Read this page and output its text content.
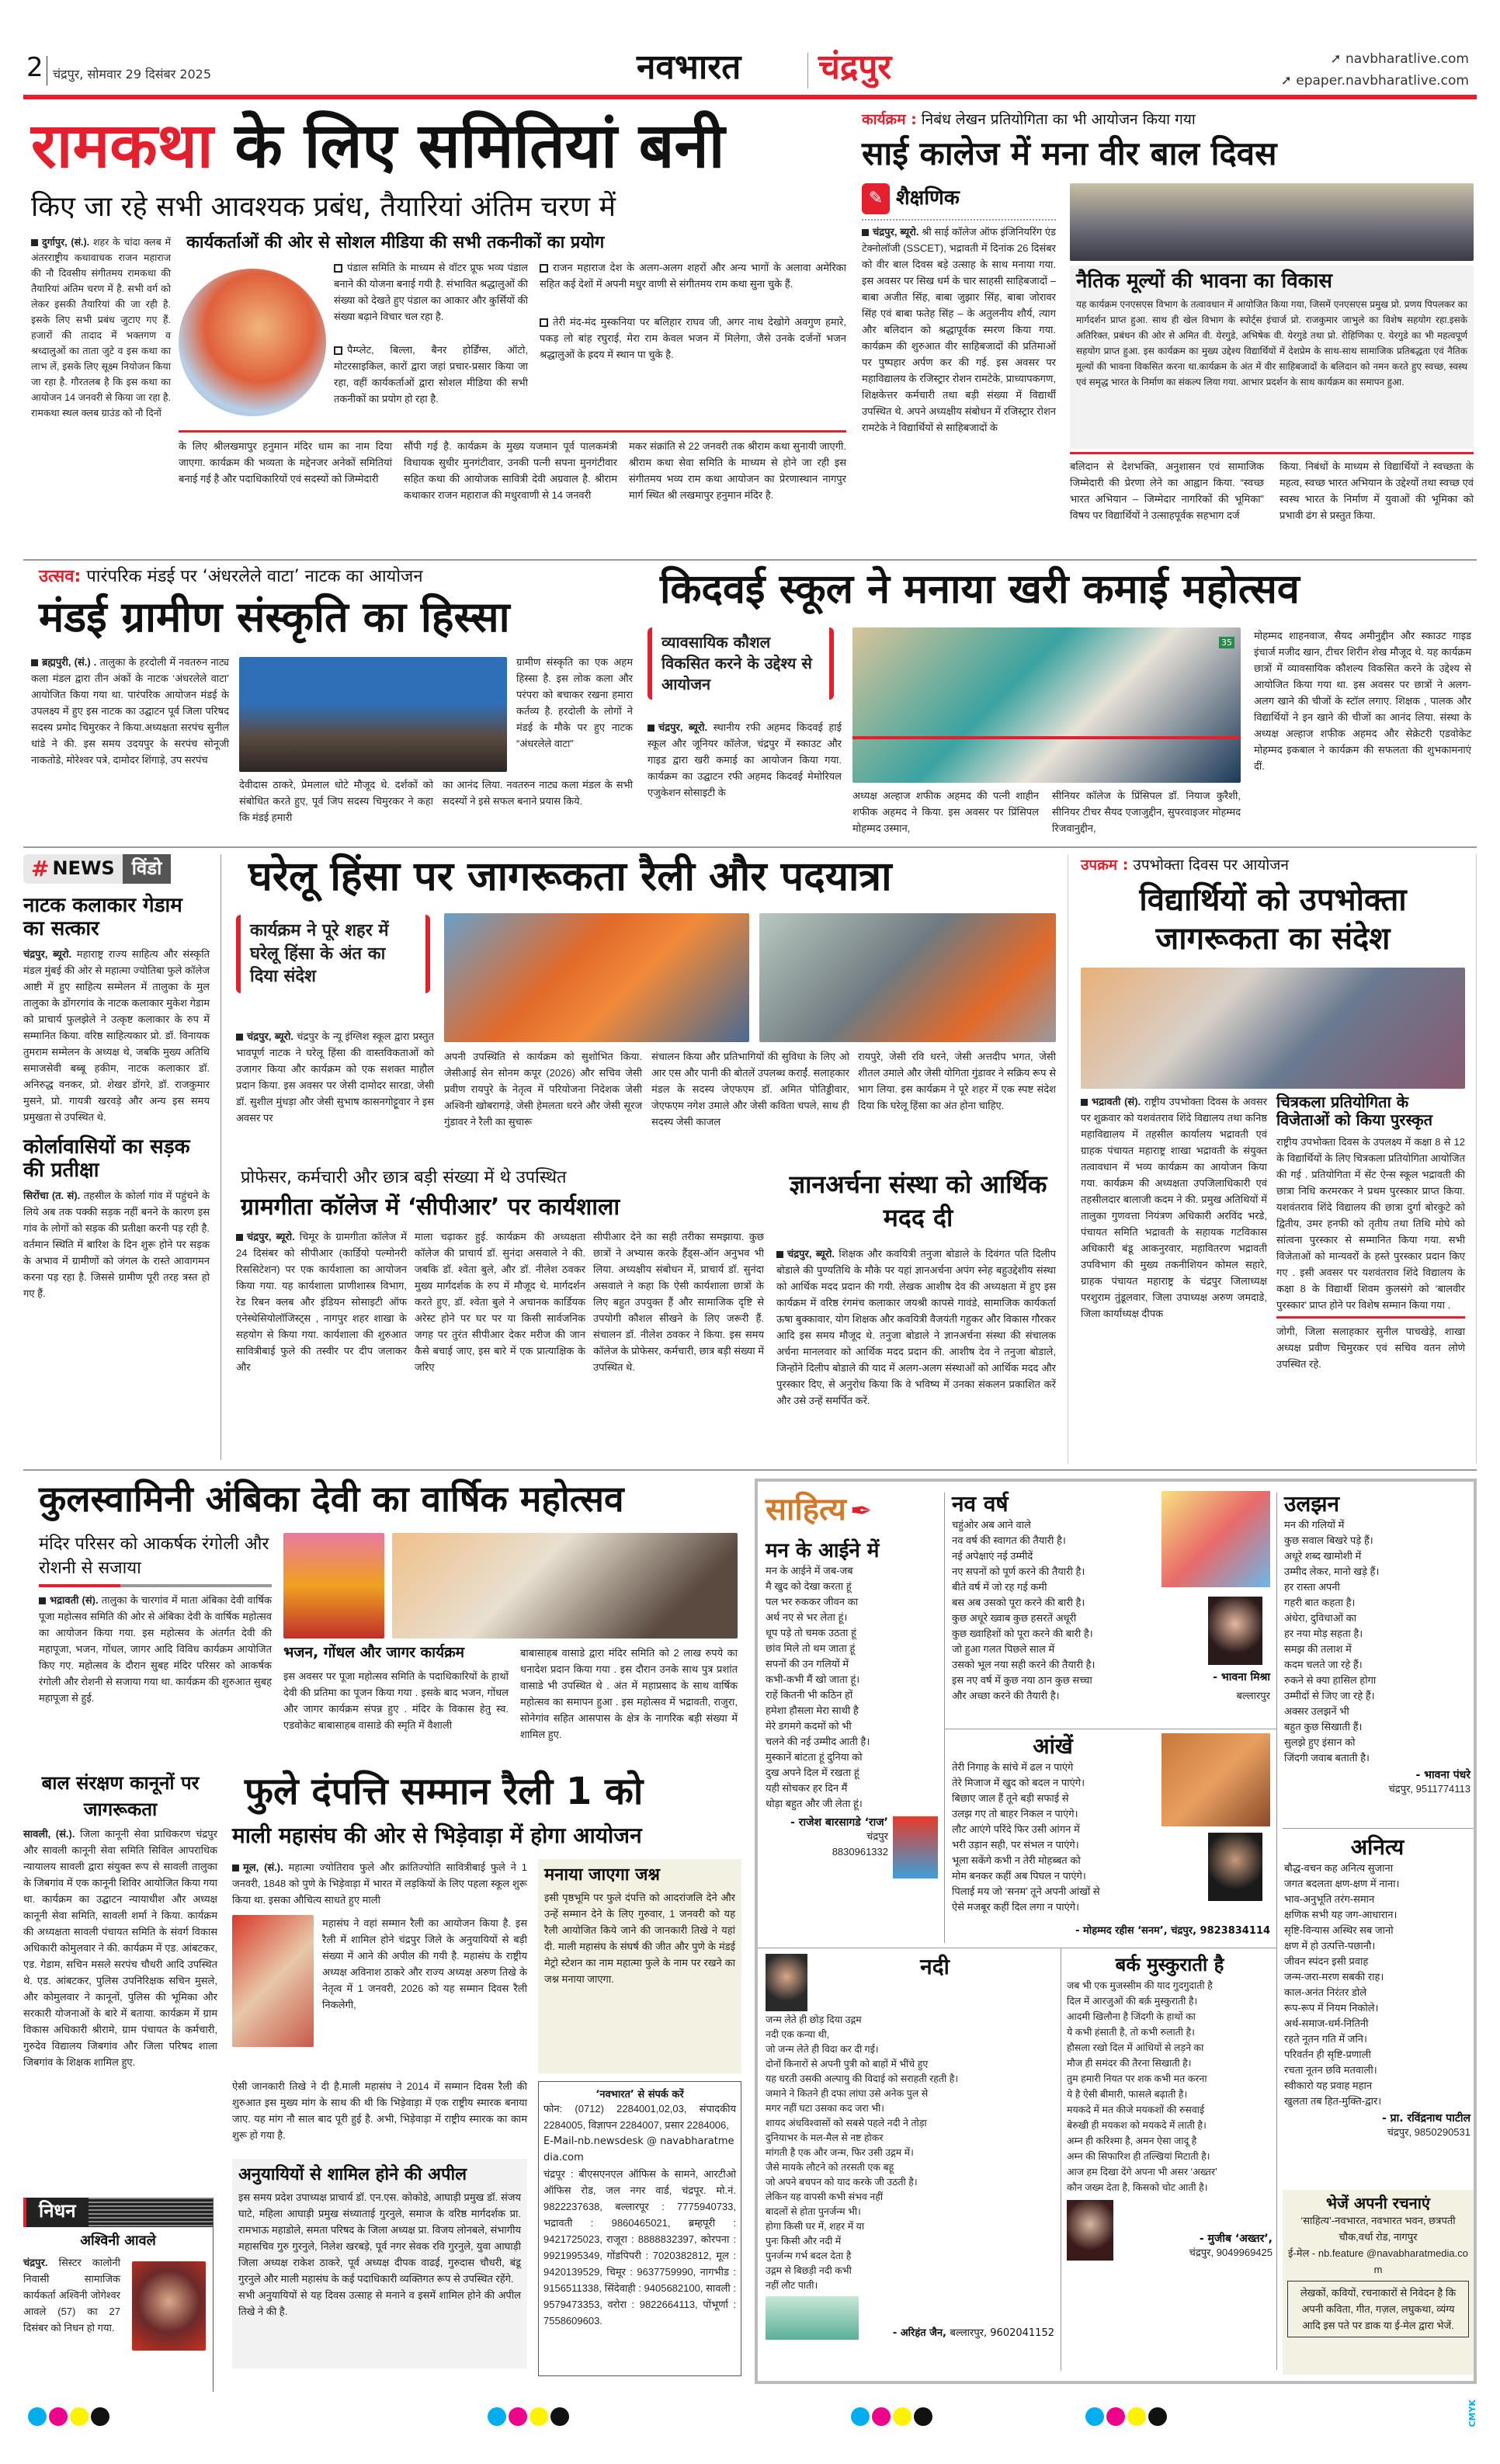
2 चंद्रपुर, सोमवार 29 दिसंबर 2025	नवभारत चंद्रपुर	➚ navbharatlive.com
➚ epaper.navbharatlive.com
रामकथा के लिए समितियां बनी
किए जा रहे सभी आवश्यक प्रबंध, तैयारियां अंतिम चरण में
दुर्गापुर, (सं.). शहर के चांदा क्लब में अंतरराष्ट्रीय कथावाचक राजन महाराज की नौ दिवसीय संगीतमय रामकथा की तैयारियां अंतिम चरण में है. सभी वर्ग को लेकर इसकी तैयारियां की जा रही है. इसके लिए सभी प्रबंध जुटाए गए हैं. हजारों की तादाद में भक्तगण व श्रध्दालुओं का ताता जुटे व इस कथा का लाभ लें, इसके लिए सूक्ष्म नियोजन किया जा रहा है. गौरतलब है कि इस कथा का आयोजन 14 जनवरी से किया जा रहा है. रामकथा स्थल क्लब ग्राउंड को नौ दिनों
कार्यकर्ताओं की ओर से सोशल मीडिया की सभी तकनीकों का प्रयोग
पंडाल समिति के माध्यम से वॉटर प्रूफ भव्य पंडाल बनाने की योजना बनाई गयी है. संभावित श्रद्धालुओं की संख्या को देखते हुए पंडाल का आकार और कुर्सियों की संख्या बढ़ाने विचार चल रहा है.
पैम्प्लेट, बिल्ला, बैनर होर्डिंग्स, ऑटो, मोटरसाइकिल, कारों द्वारा जहां प्रचार-प्रसार किया जा रहा, वहीं कार्यकर्ताओं द्वारा सोशल मीडिया की सभी तकनीकों का प्रयोग हो रहा है.
राजन महाराज देश के अलग-अलग शहरों और अन्य भागों के अलावा अमेरिका सहित कई देशों में अपनी मधुर वाणी से संगीतमय राम कथा सुना चुके हैं.
तेरी मंद-मंद मुस्कनिया पर बलिहार राघव जी, अगर नाथ देखोगे अवगुण हमारे, पकड़ लो बांह रघुराई, मेरा राम केवल भजन में मिलेगा, जैसे उनके दर्जनों भजन श्रद्धालुओं के ह्रदय में स्थान पा चुके है.
के लिए श्रीलखमापुर हनुमान मंदिर धाम का नाम दिया जाएगा. कार्यक्रम की भव्यता के मद्देनजर अनेकों समितियां बनाई गई है और पदाधिकारियों एवं सदस्यों को जिम्मेदारी
सौंपी गई है. कार्यक्रम के मुख्य यजमान पूर्व पालकमंत्री विधायक सुधीर मुनगंटीवार, उनकी पत्नी सपना मुनगंटीवार सहित कथा की आयोजक सावित्री देवी अग्रवाल है. श्रीराम कथाकार राजन महाराज की मधुरवाणी से 14 जनवरी
मकर संक्रांति से 22 जनवरी तक श्रीराम कथा सुनायी जाएगी. श्रीराम कथा सेवा समिति के माध्यम से होने जा रही इस संगीतमय भव्य राम कथा आयोजन का प्रेरणास्थान नागपुर मार्ग स्थित श्री लखमापुर हनुमान मंदिर है.
कार्यक्रम : निबंध लेखन प्रतियोगिता का भी आयोजन किया गया
साई कालेज में मना वीर बाल दिवस
✎ शैक्षणिक
चंद्रपुर, ब्यूरो. श्री साई कॉलेज ऑफ इंजिनियरिंग एंड टेक्नोलॉजी (SSCET), भद्रावती में दिनांक 26 दिसंबर को वीर बाल दिवस बड़े उत्साह के साथ मनाया गया. इस अवसर पर सिख धर्म के चार साहसी साहिबजादों – बाबा अजीत सिंह, बाबा जुझार सिंह, बाबा जोरावर सिंह एवं बाबा फतेह सिंह – के अतुलनीय शौर्य, त्याग और बलिदान को श्रद्धापूर्वक स्मरण किया गया. कार्यक्रम की शुरुआत वीर साहिबजादों की प्रतिमाओं पर पुष्पहार अर्पण कर की गई. इस अवसर पर महाविद्यालय के रजिस्ट्रार रोशन रामटेके, प्राध्यापकगण, शिक्षकेत्तर कर्मचारी तथा बड़ी संख्या में विद्यार्थी उपस्थित थे. अपने अध्यक्षीय संबोधन में रजिस्ट्रार रोशन रामटेके ने विद्यार्थियों से साहिबजादों के
नैतिक मूल्यों की भावना का विकास
यह कार्यक्रम एनएसएस विभाग के तत्वावधान में आयोजित किया गया, जिसमें एनएसएस प्रमुख प्रो. प्रणय पिपलकर का मार्गदर्शन प्राप्त हुआ. साथ ही खेल विभाग के स्पोर्ट्स इंचार्ज प्रो. राजकुमार जाभुले का विशेष सहयोग रहा.इसके अतिरिक्त, प्रबंधन की ओर से अमित वी. येरगुडे, अभिषेक वी. येरगुडे तथा प्रो. रोहिणिका ए. येरगुडे का भी महत्वपूर्ण सहयोग प्राप्त हुआ. इस कार्यक्रम का मुख्य उद्देश्य विद्यार्थियों में देशप्रेम के साथ-साथ सामाजिक प्रतिबद्धता एवं नैतिक मूल्यों की भावना विकसित करना था.कार्यक्रम के अंत में वीर साहिबजादों के बलिदान को नमन करते हुए स्वच्छ, स्वस्थ एवं समृद्ध भारत के निर्माण का संकल्प लिया गया. आभार प्रदर्शन के साथ कार्यक्रम का समापन हुआ.
बलिदान से देशभक्ति, अनुशासन एवं सामाजिक जिम्मेदारी की प्रेरणा लेने का आह्वान किया. “स्वच्छ भारत अभियान – जिम्मेदार नागरिकों की भूमिका” विषय पर विद्यार्थियों ने उत्साहपूर्वक सहभाग दर्ज
किया. निबंधों के माध्यम से विद्यार्थियों ने स्वच्छता के महत्व, स्वच्छ भारत अभियान के उद्देश्यों तथा स्वच्छ एवं स्वस्थ भारत के निर्माण में युवाओं की भूमिका को प्रभावी ढंग से प्रस्तुत किया.
उत्सव: पारंपरिक मंडई पर ‘अंधरलेले वाटा’ नाटक का आयोजन
मंडई ग्रामीण संस्कृति का हिस्सा
ब्रह्मपुरी, (सं.) . तालुका के हरदोली में नवतरुन नाट्य कला मंडल द्वारा तीन अंकों के नाटक ‘अंधरलेले वाटा’ आयोजित किया गया था. पारंपरिक आयोजन मंडई के उपलक्ष्य में हुए इस नाटक का उद्घाटन पूर्व जिला परिषद सदस्य प्रमोद चिमुरकर ने किया.अध्यक्षता सरपंच सुनील धांडे ने की. इस समय उदयपुर के सरपंच सोनूजी नाकतोडे, मोरेश्वर पत्रे, दामोदर शिंगाड़े, उप सरपंच
देवीदास ठाकरे, प्रेमलाल धोटे मौजूद थे. दर्शकों को संबोधित करते हुए, पूर्व जिप सदस्य चिमुरकर ने कहा कि मंडई हमारी
ग्रामीण संस्कृति का एक अहम हिस्सा है. इस लोक कला और परंपरा को बचाकर रखना हमारा कर्तव्य है. हरदोली के लोगों ने मंडई के मौके पर हुए नाटक “अंधरलेले वाटा”
का आनंद लिया. नवतरुन नाट्य कला मंडल के सभी सदस्यों ने इसे सफल बनाने प्रयास किये.
किदवई स्कूल ने मनाया खरी कमाई महोत्सव
व्यावसायिक कौशल विकसित करने के उद्देश्य से आयोजन
चंद्रपुर, ब्यूरो. स्थानीय रफी अहमद किदवई हाई स्कूल और जूनियर कॉलेज, चंद्रपुर में स्काउट और गाइड द्वारा खरी कमाई का आयोजन किया गया. कार्यक्रम का उद्घाटन रफी अहमद किदवई मेमोरियल एजुकेशन सोसाइटी के
35
अध्यक्ष अल्हाज शफीक अहमद की पत्नी शाहीन शफीक अहमद ने किया. इस अवसर पर प्रिंसिपल मोहम्मद उस्मान,
सीनियर कॉलेज के प्रिंसिपल डॉ. नियाज कुरैशी, सीनियर टीचर सैयद एजाजुद्दीन, सुपरवाइजर मोहम्मद रिजवानुद्दीन,
मोहम्मद शाहनवाज, सैयद अमीनुद्दीन और स्काउट गाइड इंचार्ज मजीद खान, टीचर शिरीन शेख मौजूद थे. यह कार्यक्रम छात्रों में व्यावसायिक कौशल्य विकसित करने के उद्देश्य से आयोजित किया गया था. इस अवसर पर छात्रों ने अलग-अलग खाने की चीजों के स्टॉल लगाए. शिक्षक , पालक और विद्यार्थियों ने इन खाने की चीजों का आनंद लिया. संस्था के अध्यक्ष अल्हाज शफीक अहमद और सेक्रेटरी एडवोकेट मोहम्मद इकबाल ने कार्यक्रम की सफलता की शुभकामनाएं दीं.
# NEWS विंडो
नाटक कलाकार गेडाम का सत्कार
चंद्रपुर, ब्यूरो. महाराष्ट्र राज्य साहित्य और संस्कृति मंडल मुंबई की ओर से महात्मा ज्योतिबा फुले कॉलेज आष्टी में हुए साहित्य सम्मेलन में तालुका के मुल तालुका के डोंगरगांव के नाटक कलाकार मुकेश गेडाम को प्राचार्य फुलझेले ने उत्कृष्ट कलाकार के रुप में सम्मानित किया. वरिष्ठ साहित्यकार प्रो. डॉ. विनायक तुमराम सम्मेलन के अध्यक्ष थे, जबकि मुख्य अतिथि समाजसेवी बब्बू हकीम, नाटक कलाकार डॉ. अनिरुद्ध वनकर, प्रो. शेखर डोंगरे, डॉ. राजकुमार मुसने, प्रो. गायत्री खरवड़े और अन्य इस समय प्रमुखता से उपस्थित थे.
कोर्लावासियों का सड़क की प्रतीक्षा
सिरोंचा (त. सं). तहसील के कोर्ला गांव में पहुंचने के लिये अब तक पक्की सड़क नहीं बनने के कारण इस गांव के लोगों को सड़क की प्रतीक्षा करनी पड़ रही है. वर्तमान स्थिति में बारिश के दिन शुरू होने पर सड़क के अभाव में ग्रामीणों को जंगल के रास्ते आवागमन करना पड़ रहा है. जिससे ग्रामीण पूरी तरह त्रस्त हो गए हैं.
घरेलू हिंसा पर जागरूकता रैली और पदयात्रा
कार्यक्रम ने पूरे शहर में घरेलू हिंसा के अंत का दिया संदेश
चंद्रपुर, ब्यूरो. चंद्रपुर के न्यू इंग्लिश स्कूल द्वारा प्रस्तुत भावपूर्ण नाटक ने घरेलू हिंसा की वास्तविकताओं को उजागर किया और कार्यक्रम को एक सशक्त माहौल प्रदान किया. इस अवसर पर जेसी दामोदर सारडा, जेसी डॉ. सुशील मुंधड़ा और जेसी सुभाष कासनगोट्टूवार ने इस अवसर पर
अपनी उपस्थिति से कार्यक्रम को सुशोभित किया. जेसीआई सेन सोनम कपूर (2026) और सचिव जेसी प्रवीण रायपुरे के नेतृत्व में परियोजना निदेशक जेसी अश्विनी खोबरागड़े, जेसी हेमलता धरने और जेसी सूरज गुंडावर ने रैली का सुचारू
संचालन किया और प्रतिभागियों की सुविधा के लिए ओ आर एस और पानी की बोतलें उपलब्ध कराईं. सलाहकार मंडल के सदस्य जेएफएम डॉ. अमित पोतिड्डीवार, जेएफएम नगेश उमाले और जेसी कविता चपले, साथ ही सदस्य जेसी काजल
रायपुरे, जेसी रवि धरने, जेसी अत्तदीप भगत, जेसी शीतल उमाले और जेसी योगिता गुंडावर ने सक्रिय रूप से भाग लिया. इस कार्यक्रम ने पूरे शहर में एक स्पष्ट संदेश दिया कि घरेलू हिंसा का अंत होना चाहिए.
प्रोफेसर, कर्मचारी और छात्र बड़ी संख्या में थे उपस्थित
ग्रामगीता कॉलेज में ‘सीपीआर’ पर कार्यशाला
चंद्रपुर, ब्यूरो. चिमूर के ग्रामगीता कॉलेज में 24 दिसंबर को सीपीआर (कार्डियो पल्मोनरी रिससिटेशन) पर एक कार्यशाला का आयोजन किया गया. यह कार्यशाला प्राणीशास्त्र विभाग, रेड रिबन क्लब और इंडियन सोसाइटी ऑफ एनेस्थेसियोलॉजिस्ट्स , नागपुर शहर शाखा के सहयोग से किया गया. कार्यशाला की शुरुआत सावित्रीबाई फुले की तस्वीर पर दीप जलाकर और
माला चढ़ाकर हुई. कार्यक्रम की अध्यक्षता कॉलेज की प्राचार्य डॉ. सुनंदा असवाले ने की. जबकि डॉ. श्वेता बुले, और डॉ. नीलेश ठवकर मुख्य मार्गदर्शक के रुप में मौजूद थे. मार्गदर्शन करते हुए, डॉ. श्वेता बुले ने अचानक कार्डियक अरेस्ट होने पर घर पर या किसी सार्वजनिक जगह पर तुरंत सीपीआर देकर मरीज की जान कैसे बचाई जाए, इस बारे में एक प्रात्याक्षिक के जरिए
सीपीआर देने का सही तरीका समझाया. कुछ छात्रों ने अभ्यास करके हैंड्स-ऑन अनुभव भी लिया. अध्यक्षीय संबोधन में, प्राचार्य डॉ. सुनंदा असवाले ने कहा कि ऐसी कार्यशाला छात्रों के लिए बहुत उपयुक्त हैं और सामाजिक दृष्टि से उपयोगी कौशल सीखने के लिए जरूरी हैं. संचालन डॉ. नीलेश ठवकर ने किया. इस समय कॉलेज के प्रोफेसर, कर्मचारी, छात्र बड़ी संख्या में उपस्थित थे.
ज्ञानअर्चना संस्था को आर्थिक मदद दी
चंद्रपुर, ब्यूरो. शिक्षक और कवयित्री तनुजा बोडाले के दिवंगत पति दिलीप बोडाले की पुण्यतिथि के मौके पर यहां ज्ञानअर्चना अपंग स्नेह बहुउद्देशीय संस्था को आर्थिक मदद प्रदान की गयी. लेखक आशीष देव की अध्यक्षता में हुए इस कार्यक्रम में वरिष्ठ रंगमंच कलाकार जयश्री कापसे गावंडे, सामाजिक कार्यकर्ता ऊषा बुक्कावार, योग शिक्षक और कवयित्री वैजयंती गहुकर और विकास गौरकर आदि इस समय मौजूद थे. तनुजा बोडाले ने ज्ञानअर्चना संस्था की संचालक अर्चना मानलवार को आर्थिक मदद प्रदान की. आशीष देव ने तनुजा बोडाले, जिन्होंने दिलीप बोडाले की याद में अलग-अलग संस्थाओं को आर्थिक मदद और पुरस्कार दिए, से अनुरोध किया कि वे भविष्य में उनका संकलन प्रकाशित करें और उसे उन्हें समर्पित करें.
उपक्रम : उपभोक्ता दिवस पर आयोजन
विद्यार्थियों को उपभोक्ता जागरूकता का संदेश
भद्रावती (सं). राष्ट्रीय उपभोक्ता दिवस के अवसर पर शुक्रवार को यशवंतराव शिंदे विद्यालय तथा कनिष्ठ महाविद्यालय में तहसील कार्यालय भद्रावती एवं ग्राहक पंचायत महाराष्ट्र शाखा भद्रावती के संयुक्त तत्वावधान में भव्य कार्यक्रम का आयोजन किया गया. कार्यक्रम की अध्यक्षता उपजिलाधिकारी एवं तहसीलदार बालाजी कदम ने की. प्रमुख अतिथियों में तालुका गुणवत्ता नियंत्रण अधिकारी अरविंद भरडे, पंचायत समिति भद्रावती के सहायक गटविकास अधिकारी बंडू आकनुरवार, महावितरण भद्रावती उपविभाग की मुख्य तकनीशियन कोमल सहारे, ग्राहक पंचायत महाराष्ट्र के चंद्रपुर जिलाध्यक्ष परशुराम तुंडूलवार, जिला उपाध्यक्ष अरुण जमदाडे, जिला कार्याध्यक्ष दीपक
चित्रकला प्रतियोगिता के विजेताओं को किया पुरस्कृत
राष्ट्रीय उपभोक्ता दिवस के उपलक्ष्य में कक्षा 8 से 12 के विद्यार्थियों के लिए चित्रकला प्रतियोगिता आयोजित की गई . प्रतियोगिता में सेंट ऐन्स स्कूल भद्रावती की छात्रा निधि करमरकर ने प्रथम पुरस्कार प्राप्त किया. यशवंतराव शिंदे विद्यालय की छात्रा दुर्गा बोरकुटे को द्वितीय, उमर हनफी को तृतीय तथा तिथि मोघे को सांत्वना पुरस्कार से सम्मानित किया गया. सभी विजेताओं को मान्यवरों के हस्ते पुरस्कार प्रदान किए गए . इसी अवसर पर यशवंतराव शिंदे विद्यालय के कक्षा 8 के विद्यार्थी शिवम कुलसंगे को ‘बालवीर पुरस्कार’ प्राप्त होने पर विशेष सम्मान किया गया .
जोगी, जिला सलाहकार सुनील पाचखेड़े, शाखा अध्यक्ष प्रवीण चिमुरकर एवं सचिव वतन लोणे उपस्थित रहे.
कुलस्वामिनी अंबिका देवी का वार्षिक महोत्सव
मंदिर परिसर को आकर्षक रंगोली और रोशनी से सजाया
भद्रावती (सं). तालुका के चारगांव में माता अंबिका देवी वार्षिक पूजा महोत्सव समिति की ओर से अंबिका देवी के वार्षिक महोत्सव का आयोजन किया गया. इस महोत्सव के अंतर्गत देवी की महापूजा, भजन, गोंधल, जागर आदि विविध कार्यक्रम आयोजित किए गए. महोत्सव के दौरान सुबह मंदिर परिसर को आकर्षक रंगोली और रोशनी से सजाया गया था. कार्यक्रम की शुरुआत सुबह महापूजा से हुई.
भजन, गोंधल और जागर कार्यक्रम
इस अवसर पर पूजा महोत्सव समिति के पदाधिकारियों के हाथों देवी की प्रतिमा का पूजन किया गया . इसके बाद भजन, गोंधल और जागर कार्यक्रम संपन्न हुए . मंदिर के विकास हेतु स्व. एडवोकेट बाबासाहब वासाडे की स्मृति में वैशाली
बाबासाहब वासाडे द्वारा मंदिर समिति को 2 लाख रुपये का धनादेश प्रदान किया गया . इस दौरान उनके साथ पुत्र प्रशांत वासाडे भी उपस्थित थे . अंत में महाप्रसाद के साथ वार्षिक महोत्सव का समापन हुआ . इस महोत्सव में भद्रावती, राजुरा, सोनेगांव सहित आसपास के क्षेत्र के नागरिक बड़ी संख्या में शामिल हुए.
बाल संरक्षण कानूनों पर जागरूकता
सावली, (सं.). जिला कानूनी सेवा प्राधिकरण चंद्रपुर और सावली कानूनी सेवा समिति सिविल आपराधिक न्यायालय सावली द्वारा संयुक्त रूप से सावली तालुका के जिबगांव में एक कानूनी शिविर आयोजित किया गया था. कार्यक्रम का उद्घाटन न्यायाधीश और अध्यक्ष कानूनी सेवा समिति, सावली शर्मा ने किया. कार्यक्रम की अध्यक्षता सावली पंचायत समिति के संवर्ग विकास अधिकारी कोमुलवार ने की. कार्यक्रम में एड. आंबटकर, एड. गेडाम, सचिन मसले सरपंच चौधरी आदि उपस्थित थे. एड. आंबटकर, पुलिस उपनिरिक्षक सचिन मुसले, और कोमुलवार ने कानूनों, पुलिस की भूमिका और सरकारी योजनाओं के बारे में बताया. कार्यक्रम में ग्राम विकास अधिकारी श्रीरामे, ग्राम पंचायत के कर्मचारी, गुरुदेव विद्यालय जिबगांव और जिला परिषद शाला जिबगांव के शिक्षक शामिल हुए.
निधन
अश्विनी आवले
चंद्रपुर. सिस्टर कालोनी निवासी सामाजिक कार्यकर्ता अश्विनी जोगेश्वर आवले (57) का 27 दिसंबर को निधन हो गया.
फुले दंपत्ति सम्मान रैली 1 को
माली महासंघ की ओर से भिड़ेवाड़ा में होगा आयोजन
मूल, (सं.). महात्मा ज्योतिराव फुले और क्रांतिज्योति सावित्रीबाई फुले ने 1 जनवरी, 1848 को पुणे के भिड़ेवाड़ा में भारत में लड़कियों के लिए पहला स्कूल शुरू किया था. इसका औचित्य साधते हुए माली
महासंघ ने वहां सम्मान रैली का आयोजन किया है. इस रैली में शामिल होने चंद्रपुर जिले के अनुयायियों से बड़ी संख्या में आने की अपील की गयी है. महासंघ के राष्ट्रीय अध्यक्ष अविनाश ठाकरे और राज्य अध्यक्ष अरुण तिखे के नेतृत्व में 1 जनवरी, 2026 को यह सम्मान दिवस रैली निकलेगी,
ऐसी जानकारी तिखे ने दी है.माली महासंघ ने 2014 में सम्मान दिवस रैली की शुरुआत इस मुख्य मांग के साथ की थी कि भिड़ेवाड़ा में एक राष्ट्रीय स्मारक बनाया जाए. यह मांग नौ साल बाद पूरी हुई है. अभी, भिड़ेवाड़ा में राष्ट्रीय स्मारक का काम शुरू हो गया है.
मनाया जाएगा जश्न
इसी पृष्ठभूमि पर फुले दंपत्ति को आदरांजलि देने और उन्हें सम्मान देने के लिए गुरुवार, 1 जनवरी को यह रैली आयोजित किये जाने की जानकारी तिखे ने यहां दी. माली महासंघ के संघर्ष की जीत और पुणे के मंडई मेट्रो स्टेशन का नाम महात्मा फुले के नाम पर रखने का जश्न मनाया जाएगा.
अनुयायियों से शामिल होने की अपील
इस समय प्रदेश उपाध्यक्ष प्राचार्य डॉ. एन.एस. कोकोडे, आघाड़ी प्रमुख डॉ. संजय घाटे, महिला आघाड़ी प्रमुख संध्याताई गुरनुले, समाज के वरिष्ठ मार्गदर्शक प्रा. रामभाऊ महाडोले, समता परिषद के जिला अध्यक्ष प्रा. विजय लोनबले, संभागीय महासचिव गुरु गुरनुले, निलेश खरबड़े, पूर्व नगर सेवक रवि गुरनुले, युवा आघाड़ी जिला अध्यक्ष राकेश ठाकरे, पूर्व अध्यक्ष दीपक वाढई, गुरुदास चौधरी, बंडू गुरनुले और माली महासंघ के कई पदाधिकारी व्यक्तिगत रूप से उपस्थित रहेंगे.
सभी अनुयायियों से यह दिवस उत्साह से मनाने व इसमें शामिल होने की अपील तिखे ने की है.
‘नवभारत’ से संपर्क करें
फोन: (0712) 2284001,02,03, संपादकीय 2284005, विज्ञापन 2284007, प्रसार 2284006,
E-Mail-nb.newsdesk @ navabharatmedia.com
चंद्रपूर : बीएसएनएल ऑफिस के सामने, आरटीओ ऑफिस रोड, जल नगर वार्ड, चंद्रपूर. मो.नं. 9822237638, बल्लारपूर : 7775940733, भद्रावती : 9860465021, ब्रम्हपूरी : 9421725023, राजूरा : 8888832397, कोरपना : 9921995349, गोंडपिपरी : 7020382812, मूल : 9420139529, चिमूर : 9637759990, नागभीड : 9156511338, सिंदेवाही : 9405682100, सावली : 9579473353, वरोरा : 9822664113, पोंभूर्णा : 7558609603.
साहित्य ✒
मन के आईने में
मन के आईने में जब-जब
मै खुद को देखा करता हूं
पल भर रुककर जीवन का
अर्थ नए से भर लेता हूं।
धूप पड़े तो चमक उठता हूं
छांव मिले तो थम जाता हूं
सपनों की उन गलियों में
कभी-कभी मैं खो जाता हूं।
राहें कितनी भी कठिन हों
हमेशा हौसला मेरा साथी है
मेरे डगमगे कदमों को भी
चलने की नई उम्मीद आती है।
मुस्कानें बांटता हूं दुनिया को
दुख अपने दिल में रखता हूं
यही सोचकर हर दिन मैं
थोड़ा बहुत और जी लेता हूं।
- राजेश बारसागडे ‘राज’
चंद्रपुर
8830961332
नव वर्ष
चहुंओर अब आने वाले
नव वर्ष की स्वागत की तैयारी है।
नई अपेक्षाएं नई उम्मीदें
नए सपनों को पूर्ण करने की तैयारी है।
बीते वर्ष में जो रह गई कमी
बस अब उसको पूरा करने की बारी है।
कुछ अधूरे ख्वाब कुछ हसरतें अधूरी
कुछ ख्वाहिशों को पूरा करने की बारी है।
जो हुआ गलत पिछले साल में
उसको भूल नया सही करने की तैयारी है।
इस नए वर्ष में कुछ नया ठान कुछ सच्चा
और अच्छा करने की तैयारी है।
- भावना मिश्रा
बल्लारपुर
आंखें
तेरी निगाह के सांचे में ढल न पाएंगे
तेरे मिजाज में खुद को बदल न पाएंगे।
बिछाए जाल हैं तूने बड़ी सफाई से
उलझ गए तो बाहर निकल न पाएंगे।
लौट आएंगे परिंदे फिर उसी आंगन में
भरी उड़ान सही, पर संभल न पाएंगे।
भूला सकेंगे कभी न तेरी मोहब्बत को
मोम बनकर कहीं अब पिघल न पाएंगे।
पिलाई मय जो ‘सनम’ तूने अपनी आंखों से
ऐसे मजबूर कहीं दिल लगा न पाएंगे।
- मोहम्मद रहीस ‘सनम’, चंद्रपुर, 9823834114
उलझन
मन की गलियों में
कुछ सवाल बिखरे पड़े हैं।
अधूरे शब्द खामोशी में
उम्मीद लेकर, मानो खड़े हैं।
हर रास्ता अपनी
गहरी बात कहता है।
अंधेरा, दुविधाओं का
हर नया मोड़ सहता है।
समझ की तलाश में
कदम चलते जा रहे हैं।
रुकने से क्या हासिल होगा
उम्मीदों से जिए जा रहे हैं।
अक्सर उलझनें भी
बहुत कुछ सिखाती हैं।
सुलझे हुए इंसान को
जिंदगी जवाब बताती है।
- भावना पंधरे
चंद्रपुर, 9511774113
अनित्य
बौद्ध-वचन कह अनित्य सुजाना
जगत बदलता क्षण-क्षण में नाना।
भाव-अनुभूति तरंग-समान
क्षणिक सभी यह जग-आधारान।
सृष्टि-विन्यास अस्थिर सब जानो
क्षण में हो उत्पत्ति-पछानौ।
जीवन स्पंदन इसी प्रवाह
जन्म-जरा-मरण सबकी राह।
काल-अनंत निरंतर डोले
रूप-रूप में नियम निकोले।
अर्थ-समाज-धर्म-नितिनी
रहते नूतन गति में जनि।
परिवर्तन ही सृष्टि-प्रणाली
रचता नूतन छवि मतवाली।
स्वीकारो यह प्रवाह महान
खुलता तब हित-मुक्ति-द्वार।
- प्रा. रविंद्रनाथ पाटील
चंद्रपुर, 9850290531
भेजें अपनी रचनाएं
‘साहित्य’-नवभारत, नवभारत भवन, छत्रपती चौक,वर्धा रोड, नागपुर
ई-मेल - nb.feature @navabharatmedia.com
लेखकों, कवियों, रचनाकारों से निवेदन है कि अपनी कविता, गीत, गज़ल, लघुकथा, व्यंग्य आदि इस पते पर डाक या ई-मेल द्वारा भेजें.
नदी
जन्म लेते ही छोड़ दिया उद्गम
नदी एक कन्या थी,
जो जन्म लेते ही विदा कर दी गई।
दोनों किनारों से अपनी पुत्री को बाहों में भींचे हुए
यह धरती उसकी अल्पायु की विदाई को सराहती रहती है।
जमाने ने कितने ही दफा लांघा उसे अनेक पुल से
मगर नहीं घटा उसका कद जरा भी।
शायद अंधविश्वासों को सबसे पहले नदी ने तोड़ा
दुनियाभर के मल-मैल से नष्ट होकर
मांगती है एक और जन्म, फिर उसी उद्गम में।
जैसे मायके लौटने को तरसती एक बहू
जो अपने बचपन को याद करके जी उठती है।
लेकिन यह वापसी कभी संभव नहीं
बादलों से होता पुनर्जन्म भी।
होगा किसी घर में, शहर में या
पुनः किसी और नदी में
पुनर्जन्म गर्भ बदल देता है
उद्गम से बिछड़ी नदी कभी
नहीं लौट पाती।
- अरिहंत जैन, बल्लारपुर, 9602041152
बर्क मुस्कुराती है
जब भी एक मुजस्सीम की याद गुदगुदाती है
दिल में आरजुओं की बर्क़ मुस्कुराती है।
आदमी खिलौना है जिंदगी के हाथों का
ये कभी हंसाती है, तो कभी रुलाती है।
हौसला रखो दिल में आंधियों से लड़ने का
मौज ही समंदर की तैरना सिखाती है।
तुम हमारी नियत पर शक कभी मत करना
ये है ऐसी बीमारी, फासले बढ़ाती है।
मयकदे में मत कीजे मयकशों की रुसवाई
बेरुखी ही मयकश को मयकदे में लाती है।
अम्न ही करिश्मा है, अमन ऐसा जादू है
अम्न की सिफारिश ही तल्खियां मिटाती है।
आज हम दिखा देंगे अपना भी असर ‘अख्तर’
कौन जख्म देता है, किसको चोट आती है।
- मुजीब ‘अख्तर’,
चंद्रपुर, 9049969425
CMYK
